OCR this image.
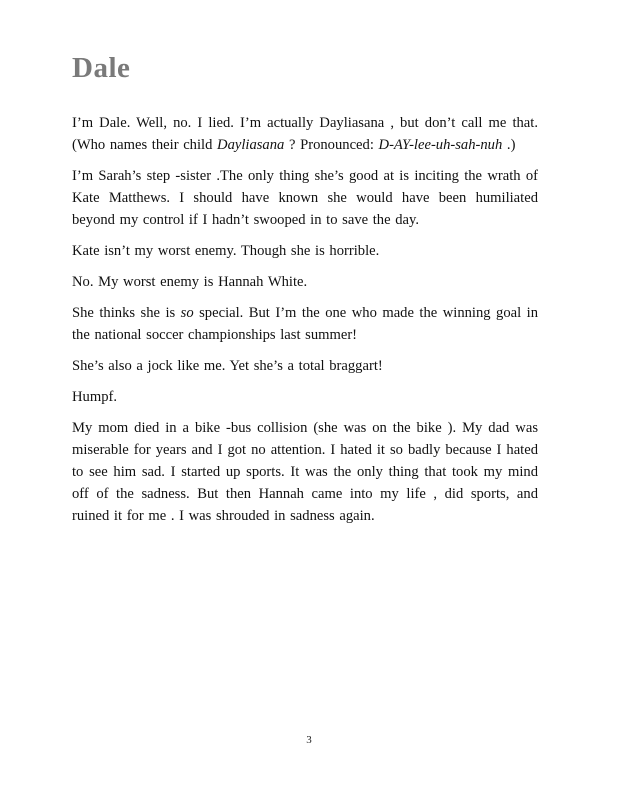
Dale

I’m Dale. Well, no. I lied. I’m actually Dayliasana , but don’t call me that. (Who names their child Dayliasana ? Pronounced: D-AY-lee-uh-sah-nuh .)

I’m Sarah’s step -sister .The only thing she’s good at is inciting the wrath of Kate Matthews. I should have known she would have been humiliated beyond my control if I hadn’t swooped in to save the day.

Kate isn’t my worst enemy. Though she is horrible.

No. My worst enemy is Hannah White.

She thinks she is so special. But I’m the one who made the winning goal in the national soccer championships last summer!

She’s also a jock like me. Yet she’s a total braggart!

Humpf.

My mom died in a bike -bus collision (she was on the bike ). My dad was miserable for years and I got no attention. I hated it so badly because I hated to see him sad. I started up sports. It was the only thing that took my mind off of the sadness. But then Hannah came into my life , did sports, and ruined it for me . I was shrouded in sadness again.

3
